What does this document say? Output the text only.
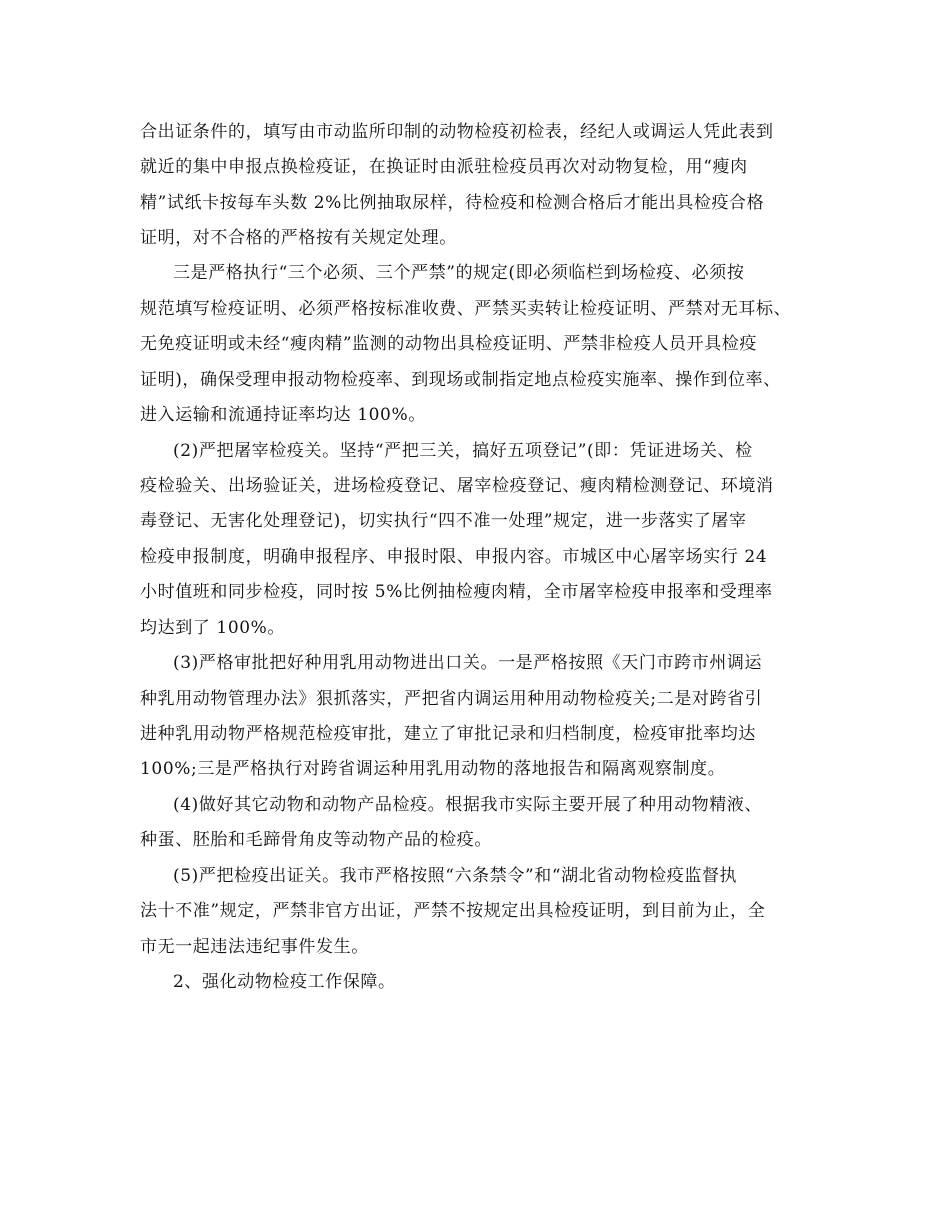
合出证条件的，填写由市动监所印制的动物检疫初检表，经纪人或调运人凭此表到

就近的集中申报点换检疫证，在换证时由派驻检疫员再次对动物复检，用“瘦肉

精”试纸卡按每车头数 2%比例抽取尿样，待检疫和检测合格后才能出具检疫合格

证明，对不合格的严格按有关规定处理。

三是严格执行“三个必须、三个严禁”的规定(即必须临栏到场检疫、必须按

规范填写检疫证明、必须严格按标准收费、严禁买卖转让检疫证明、严禁对无耳标、

无免疫证明或未经“瘦肉精”监测的动物出具检疫证明、严禁非检疫人员开具检疫

证明)，确保受理申报动物检疫率、到现场或制指定地点检疫实施率、操作到位率、

进入运输和流通持证率均达 100%。

(2)严把屠宰检疫关。坚持“严把三关，搞好五项登记”(即：凭证进场关、检

疫检验关、出场验证关，进场检疫登记、屠宰检疫登记、瘦肉精检测登记、环境消

毒登记、无害化处理登记)，切实执行“四不准一处理”规定，进一步落实了屠宰

检疫申报制度，明确申报程序、申报时限、申报内容。市城区中心屠宰场实行 24

小时值班和同步检疫，同时按 5%比例抽检瘦肉精，全市屠宰检疫申报率和受理率

均达到了 100%。

(3)严格审批把好种用乳用动物进出口关。一是严格按照《天门市跨市州调运

种乳用动物管理办法》狠抓落实，严把省内调运用种用动物检疫关;二是对跨省引

进种乳用动物严格规范检疫审批，建立了审批记录和归档制度，检疫审批率均达

100%;三是严格执行对跨省调运种用乳用动物的落地报告和隔离观察制度。

(4)做好其它动物和动物产品检疫。根据我市实际主要开展了种用动物精液、

种蛋、胚胎和毛蹄骨角皮等动物产品的检疫。

(5)严把检疫出证关。我市严格按照“六条禁令”和“湖北省动物检疫监督执

法十不准”规定，严禁非官方出证，严禁不按规定出具检疫证明，到目前为止，全

市无一起违法违纪事件发生。

2、强化动物检疫工作保障。
